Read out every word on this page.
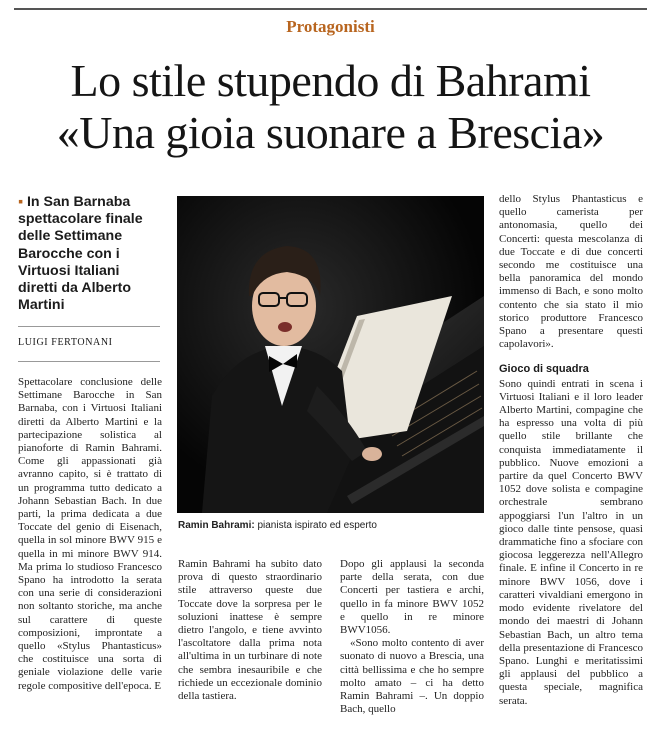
Protagonisti
Lo stile stupendo di Bahrami
«Una gioia suonare a Brescia»
▪ In San Barnaba spettacolare finale delle Settimane Barocche con i Virtuosi Italiani diretti da Alberto Martini
LUIGI FERTONANI

Spettacolare conclusione delle Settimane Barocche in San Barnaba, con i Virtuosi Italiani diretti da Alberto Martini e la partecipazione solistica al pianoforte di Ramin Bahrami. Come gli appassionati già avranno capito, si è trattato di un programma tutto dedicato a Johann Sebastian Bach. In due parti, la prima dedicata a due Toccate del genio di Eisenach, quella in sol minore BWV 915 e quella in mi minore BWV 914. Ma prima lo studioso Francesco Spano ha introdotto la serata con una serie di considerazioni non soltanto storiche, ma anche sul carattere di queste composizioni, improntate a quello «Stylus Phantasticus» che costituisce una sorta di geniale violazione delle varie regole compositive dell'epoca. E

Ramin Bahrami: pianista ispirato ed esperto

Ramin Bahrami ha subito dato prova di questo straordinario stile attraverso queste due Toccate dove la sorpresa per le soluzioni inattese è sempre dietro l'angolo, e tiene avvinto l'ascoltatore dalla prima nota all'ultima in un turbinare di note che sembra inesauribile e che richiede un eccezionale dominio della tastiera.

Dopo gli applausi la seconda parte della serata, con due Concerti per tastiera e archi, quello in fa minore BWV 1052 e quello in re minore BWV1056.

«Sono molto contento di aver suonato di nuovo a Brescia, una città bellissima e che ho sempre molto amato – ci ha detto Ramin Bahrami –. Un doppio Bach, quello

dello Stylus Phantasticus e quello camerista per antonomasia, quello dei Concerti: questa mescolanza di due Toccate e di due concerti secondo me costituisce una bella panoramica del mondo immenso di Bach, e sono molto contento che sia stato il mio storico produttore Francesco Spano a presentare questi capolavori».

Gioco di squadra

Sono quindi entrati in scena i Virtuosi Italiani e il loro leader Alberto Martini, compagine che ha espresso una volta di più quello stile brillante che conquista immediatamente il pubblico. Nuove emozioni a partire da quel Concerto BWV 1052 dove solista e compagine orchestrale sembrano appoggiarsi l'un l'altro in un gioco dalle tinte pensose, quasi drammatiche fino a sfociare con giocosa leggerezza nell'Allegro finale. E infine il Concerto in re minore BWV 1056, dove i caratteri vivaldiani emergono in modo evidente rivelatore del mondo dei maestri di Johann Sebastian Bach, un altro tema della presentazione di Francesco Spano. Lunghi e meritatissimi gli applausi del pubblico a questa speciale, magnifica serata.
